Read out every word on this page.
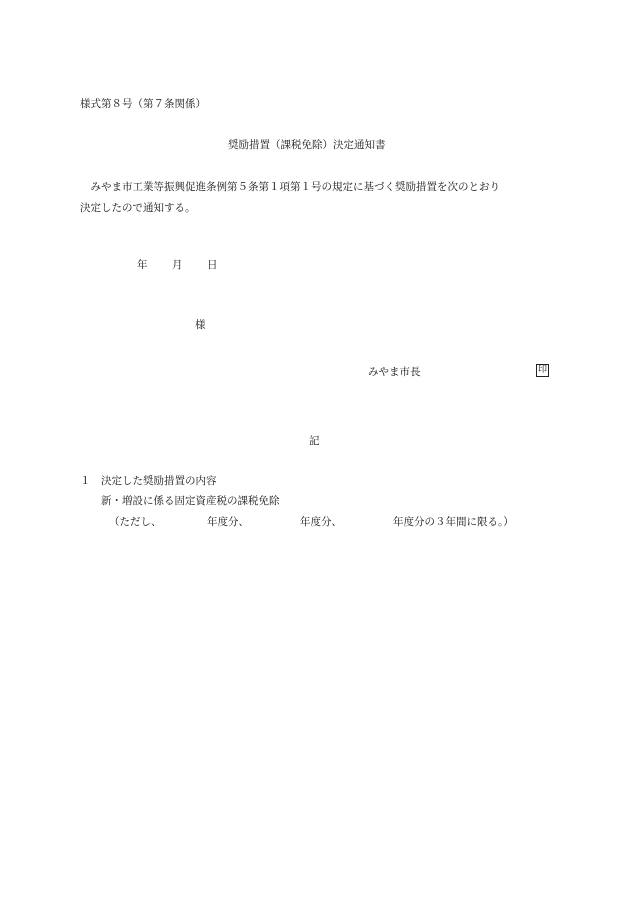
様式第８号（第７条関係）
奨励措置（課税免除）決定通知書
　みやま市工業等振興促進条例第５条第１項第１号の規定に基づく奨励措置を次のとおり
決定したので通知する。
年 月 日
様
みやま市長	印
記
１　決定した奨励措置の内容
新・増設に係る固定資産税の課税免除
（ただし、	年度分、	年度分、	年度分の３年間に限る。）
